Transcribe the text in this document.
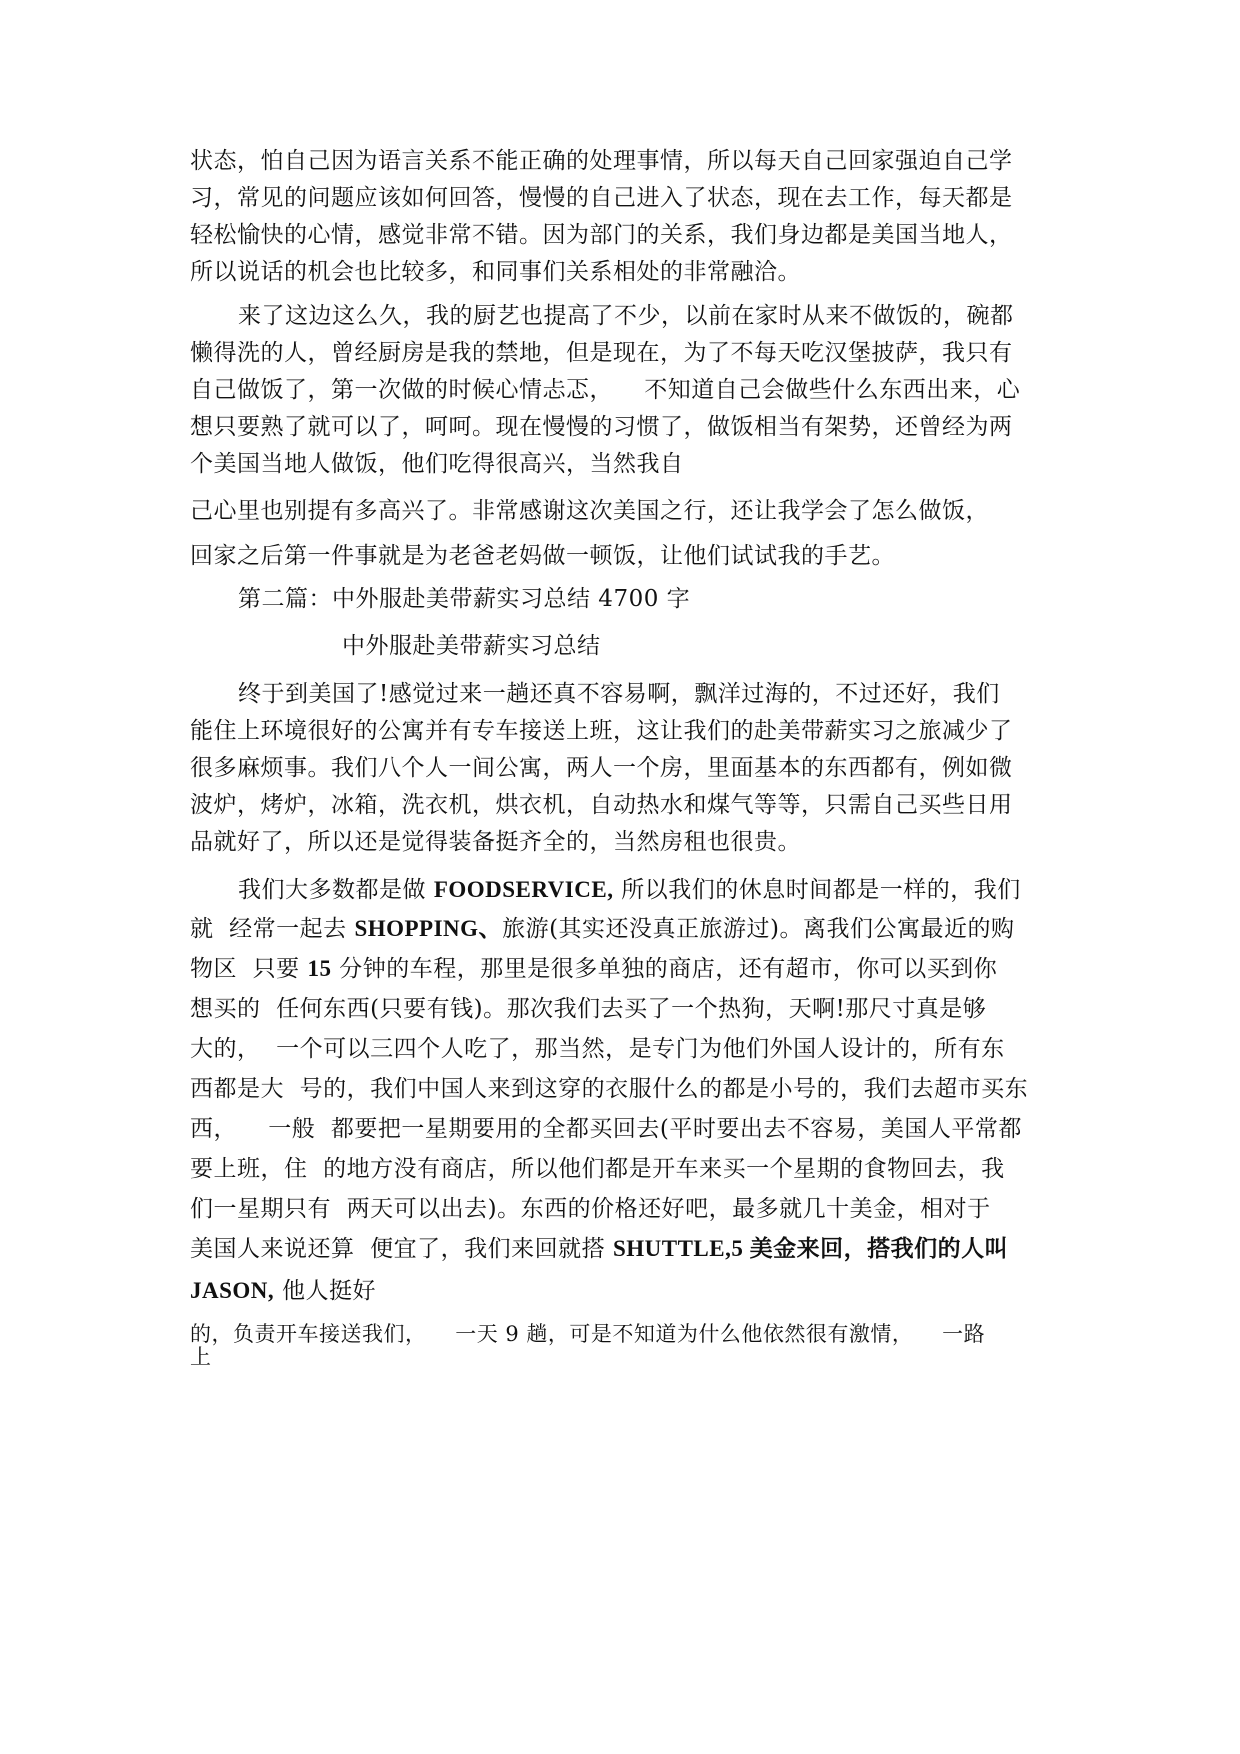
状态，怕自己因为语言关系不能正确的处理事情，所以每天自己回家强迫自己学
习，常见的问题应该如何回答，慢慢的自己进入了状态，现在去工作，每天都是
轻松愉快的心情，感觉非常不错。因为部门的关系，我们身边都是美国当地人，
所以说话的机会也比较多，和同事们关系相处的非常融洽。
来了这边这么久，我的厨艺也提高了不少，以前在家时从来不做饭的，碗都
懒得洗的人，曾经厨房是我的禁地，但是现在，为了不每天吃汉堡披萨，我只有
自己做饭了，第一次做的时候心情忐忑，    不知道自己会做些什么东西出来，心
想只要熟了就可以了，呵呵。现在慢慢的习惯了，做饭相当有架势，还曾经为两
个美国当地人做饭，他们吃得很高兴，当然我自
己心里也别提有多高兴了。非常感谢这次美国之行，还让我学会了怎么做饭，
回家之后第一件事就是为老爸老妈做一顿饭，让他们试试我的手艺。
第二篇：中外服赴美带薪实习总结 4700 字
中外服赴美带薪实习总结
终于到美国了!感觉过来一趟还真不容易啊，飘洋过海的，不过还好，我们
能住上环境很好的公寓并有专车接送上班，这让我们的赴美带薪实习之旅减少了
很多麻烦事。我们八个人一间公寓，两人一个房，里面基本的东西都有，例如微
波炉，烤炉，冰箱，洗衣机，烘衣机，自动热水和煤气等等，只需自己买些日用
品就好了，所以还是觉得装备挺齐全的，当然房租也很贵。
我们大多数都是做 FOODSERVICE, 所以我们的休息时间都是一样的，我们
就  经常一起去 SHOPPING、旅游(其实还没真正旅游过)。离我们公寓最近的购
物区  只要 15 分钟的车程，那里是很多单独的商店，还有超市，你可以买到你
想买的  任何东西(只要有钱)。那次我们去买了一个热狗，天啊!那尺寸真是够
大的，  一个可以三四个人吃了，那当然，是专门为他们外国人设计的，所有东
西都是大  号的，我们中国人来到这穿的衣服什么的都是小号的，我们去超市买东
西，    一般  都要把一星期要用的全都买回去(平时要出去不容易，美国人平常都
要上班，住  的地方没有商店，所以他们都是开车来买一个星期的食物回去，我
们一星期只有  两天可以出去)。东西的价格还好吧，最多就几十美金，相对于
美国人来说还算  便宜了，我们来回就搭 SHUTTLE,5 美金来回，搭我们的人叫
JASON, 他人挺好
的，负责开车接送我们，    一天 9 趟，可是不知道为什么他依然很有激情，    一路
上
